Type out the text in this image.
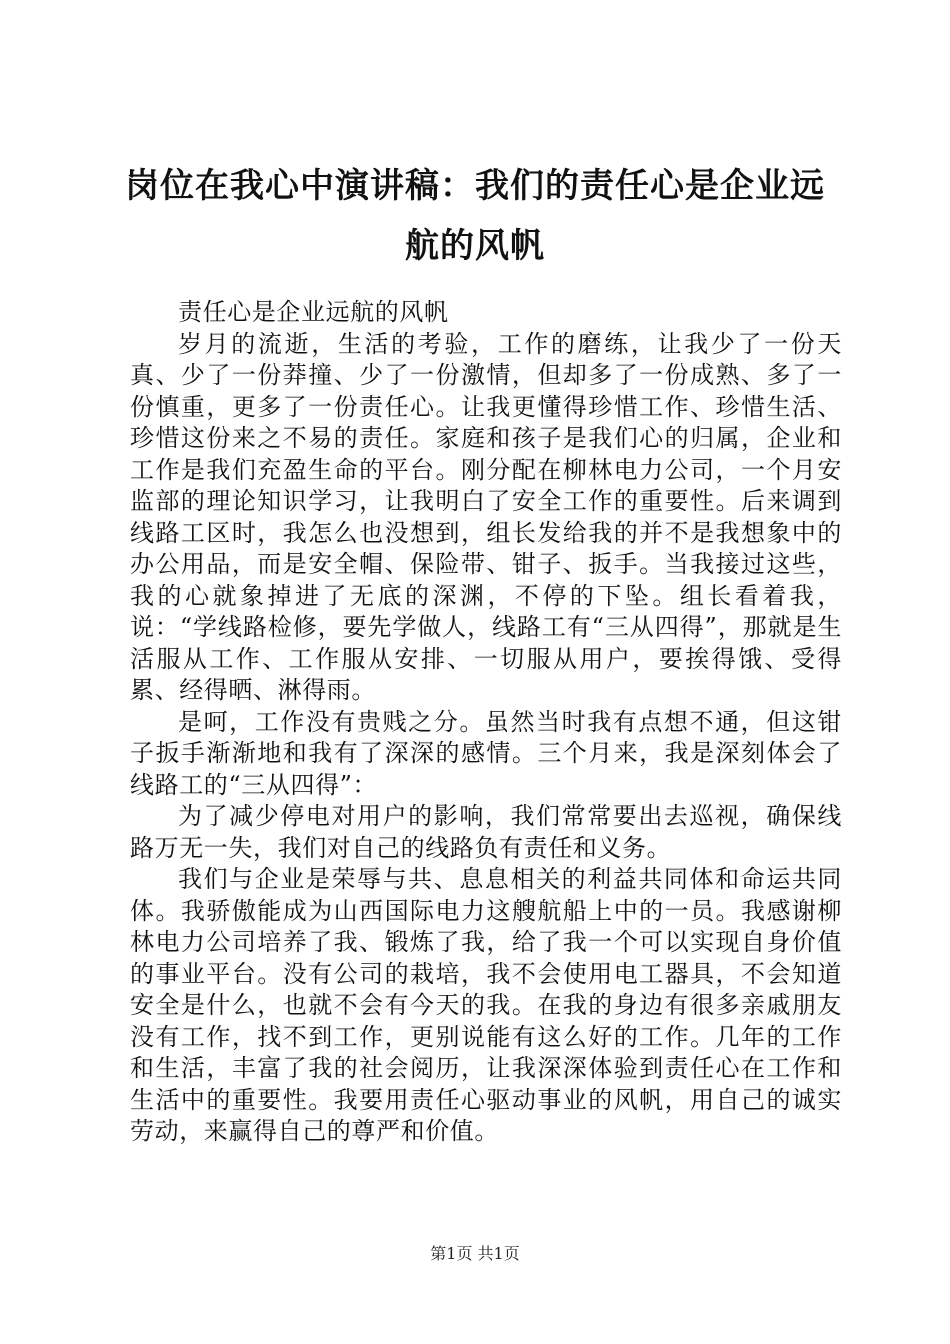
岗位在我心中演讲稿：我们的责任心是企业远航的风帆

责任心是企业远航的风帆

岁月的流逝，生活的考验，工作的磨练，让我少了一份天真、少了一份莽撞、少了一份激情，但却多了一份成熟、多了一份慎重，更多了一份责任心。让我更懂得珍惜工作、珍惜生活、珍惜这份来之不易的责任。家庭和孩子是我们心的归属，企业和工作是我们充盈生命的平台。刚分配在柳林电力公司，一个月安监部的理论知识学习，让我明白了安全工作的重要性。后来调到线路工区时，我怎么也没想到，组长发给我的并不是我想象中的办公用品，而是安全帽、保险带、钳子、扳手。当我接过这些，我的心就象掉进了无底的深渊，不停的下坠。组长看着我，说：“学线路检修，要先学做人，线路工有“三从四得”，那就是生活服从工作、工作服从安排、一切服从用户，要挨得饿、受得累、经得晒、淋得雨。

是呵，工作没有贵贱之分。虽然当时我有点想不通，但这钳子扳手渐渐地和我有了深深的感情。三个月来，我是深刻体会了线路工的“三从四得”：

为了减少停电对用户的影响，我们常常要出去巡视，确保线路万无一失，我们对自己的线路负有责任和义务。

我们与企业是荣辱与共、息息相关的利益共同体和命运共同体。我骄傲能成为山西国际电力这艘航船上中的一员。我感谢柳林电力公司培养了我、锻炼了我，给了我一个可以实现自身价值的事业平台。没有公司的栽培，我不会使用电工器具，不会知道安全是什么，也就不会有今天的我。在我的身边有很多亲戚朋友没有工作，找不到工作，更别说能有这么好的工作。几年的工作和生活，丰富了我的社会阅历，让我深深体验到责任心在工作和生活中的重要性。我要用责任心驱动事业的风帆，用自己的诚实劳动，来赢得自己的尊严和价值。

第1页 共1页
